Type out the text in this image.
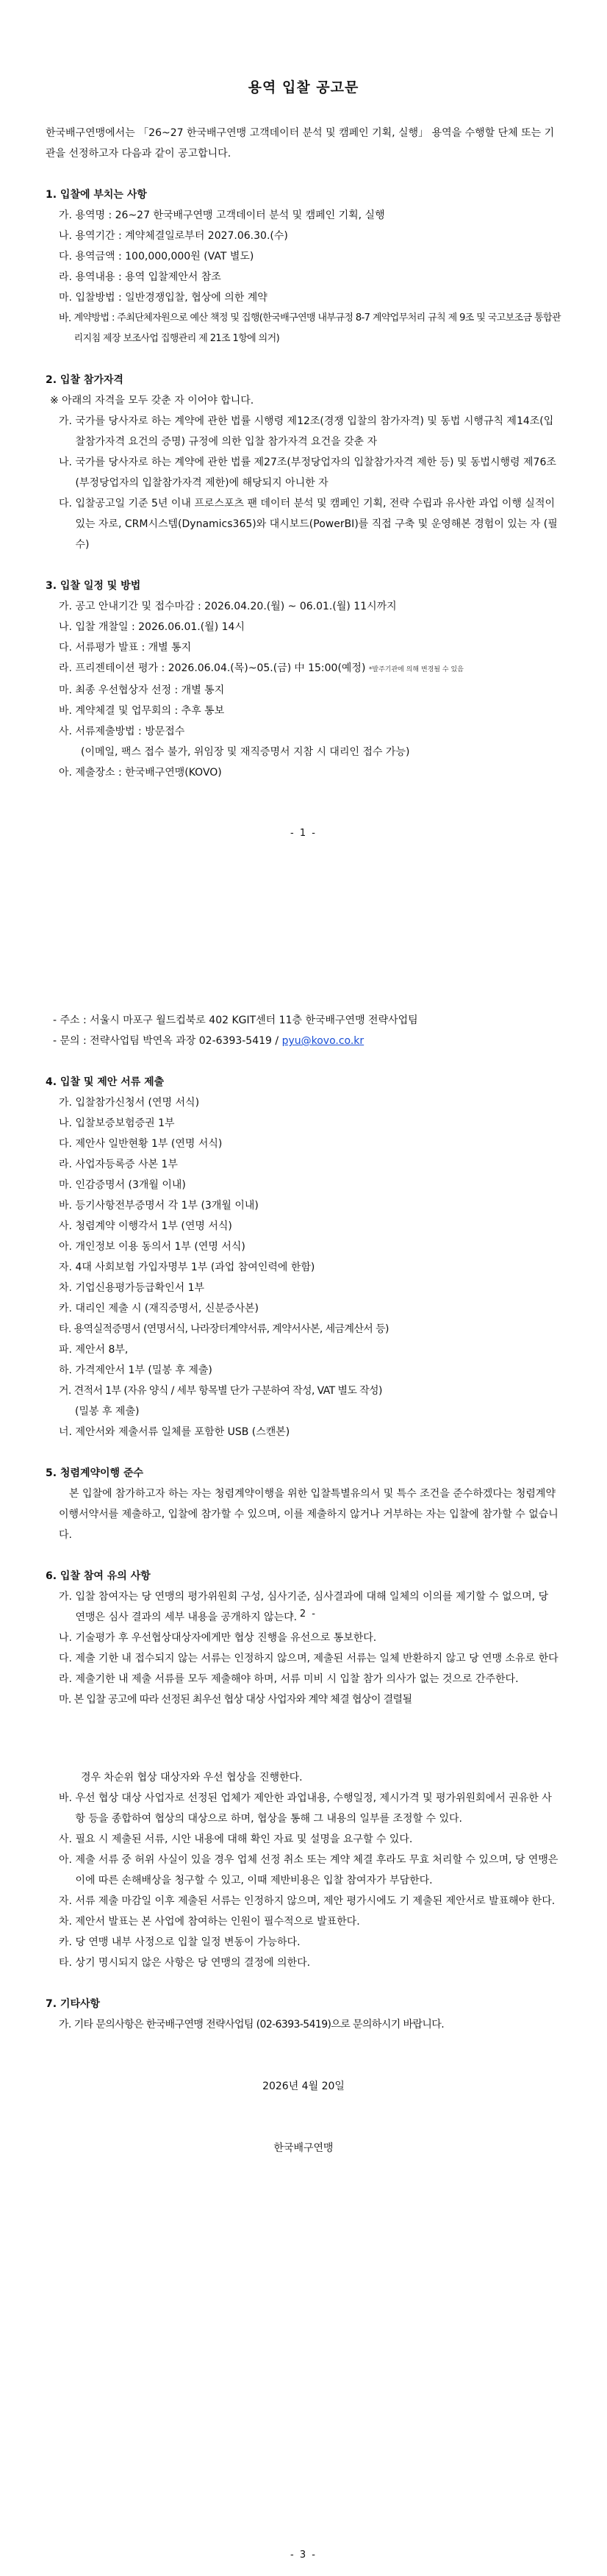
용역 입찰 공고문

한국배구연맹에서는 「26~27 한국배구연맹 고객데이터 분석 및 캠페인 기획, 실행」 용역을 수행할 단체 또는 기관을 선정하고자 다음과 같이 공고합니다.

1. 입찰에 부치는 사항

가. 용역명 : 26~27 한국배구연맹 고객데이터 분석 및 캠페인 기획, 실행
나. 용역기간 : 계약체결일로부터 2027.06.30.(수)
다. 용역금액 : 100,000,000원 (VAT 별도)
라. 용역내용 : 용역 입찰제안서 참조
마. 입찰방법 : 일반경쟁입찰, 협상에 의한 계약
바. 계약방법 : 주최단체자원으로 예산 책정 및 집행(한국배구연맹 내부규정 8-7 계약업무처리 규칙 제 9조 및 국고보조금 통합관리지침 제장 보조사업 집행관리 제 21조 1항에 의거)

2. 입찰 참가자격

※ 아래의 자격을 모두 갖춘 자 이어야 합니다.

가. 국가를 당사자로 하는 계약에 관한 법률 시행령 제12조(경쟁 입찰의 참가자격) 및 동법 시행규칙 제14조(입찰참가자격 요건의 증명) 규정에 의한 입찰 참가자격 요건을 갖춘 자
나. 국가를 당사자로 하는 계약에 관한 법률 제27조(부정당업자의 입찰참가자격 제한 등) 및 동법시행령 제76조(부정당업자의 입찰참가자격 제한)에 해당되지 아니한 자
다. 입찰공고일 기준 5년 이내 프로스포츠 팬 데이터 분석 및 캠페인 기획, 전략 수립과 유사한 과업 이행 실적이 있는 자로, CRM시스템(Dynamics365)와 대시보드(PowerBI)를 직접 구축 및 운영해본 경험이 있는 자 (필수)

3. 입찰 일정 및 방법

가. 공고 안내기간 및 접수마감 : 2026.04.20.(월) ~ 06.01.(월) 11시까지
나. 입찰 개찰일 : 2026.06.01.(월) 14시
다. 서류평가 발표 : 개별 통지
라. 프리젠테이션 평가 : 2026.06.04.(목)~05.(금) 中 15:00(예정) *발주기관에 의해 변경될 수 있음
마. 최종 우선협상자 선정 : 개별 통지
바. 계약체결 및 업무회의 : 추후 통보
사. 서류제출방법 : 방문접수

(이메일, 팩스 접수 불가, 위임장 및 재직증명서 지참 시 대리인 접수 가능)

아. 제출장소 : 한국배구연맹(KOVO)
- 1 -

- 주소 : 서울시 마포구 월드컵북로 402 KGIT센터 11층 한국배구연맹 전략사업팀

- 문의 : 전략사업팀 박연옥 과장 02-6393-5419 / pyu@kovo.co.kr

4. 입찰 및 제안 서류 제출

가. 입찰참가신청서 (연명 서식)
나. 입찰보증보험증권 1부
다. 제안사 일반현황 1부 (연명 서식)
라. 사업자등록증 사본 1부
마. 인감증명서 (3개월 이내)
바. 등기사항전부증명서 각 1부 (3개월 이내)
사. 청렴계약 이행각서 1부 (연명 서식)
아. 개인정보 이용 동의서 1부 (연명 서식)
자. 4대 사회보험 가입자명부 1부 (과업 참여인력에 한함)
차. 기업신용평가등급확인서 1부
카. 대리인 제출 시 (재직증명서, 신분증사본)
타. 용역실적증명서 (연명서식, 나라장터계약서류, 계약서사본, 세금계산서 등)
파. 제안서 8부,
하. 가격제안서 1부 (밀봉 후 제출)
거. 견적서 1부 (자유 양식 / 세부 항목별 단가 구분하여 작성, VAT 별도 작성)

(밀봉 후 제출)

너. 제안서와 제출서류 일체를 포함한 USB (스캔본)

5. 청렴계약이행 준수

본 입찰에 참가하고자 하는 자는 청렴계약이행을 위한 입찰특별유의서 및 특수 조건을 준수하겠다는 청렴계약이행서약서를 제출하고, 입찰에 참가할 수 있으며, 이를 제출하지 않거나 거부하는 자는 입찰에 참가할 수 없습니다.

6. 입찰 참여 유의 사항

가. 입찰 참여자는 당 연맹의 평가위원회 구성, 심사기준, 심사결과에 대해 일체의 이의를 제기할 수 없으며, 당 연맹은 심사 결과의 세부 내용을 공개하지 않는다.
나. 기술평가 후 우선협상대상자에게만 협상 진행을 유선으로 통보한다.
다. 제출 기한 내 접수되지 않는 서류는 인정하지 않으며, 제출된 서류는 일체 반환하지 않고 당 연맹 소유로 한다
라. 제출기한 내 제출 서류를 모두 제출해야 하며, 서류 미비 시 입찰 참가 의사가 없는 것으로 간주한다.
마. 본 입찰 공고에 따라 선정된 최우선 협상 대상 사업자와 계약 체결 협상이 결렬될
- 2 -

경우 차순위 협상 대상자와 우선 협상을 진행한다.

바. 우선 협상 대상 사업자로 선정된 업체가 제안한 과업내용, 수행일정, 제시가격 및 평가위원회에서 권유한 사항 등을 종합하여 협상의 대상으로 하며, 협상을 통해 그 내용의 일부를 조정할 수 있다.
사. 필요 시 제출된 서류, 시안 내용에 대해 확인 자료 및 설명을 요구할 수 있다.
아. 제출 서류 중 허위 사실이 있을 경우 업체 선정 취소 또는 계약 체결 후라도 무효 처리할 수 있으며, 당 연맹은 이에 따른 손해배상을 청구할 수 있고, 이때 제반비용은 입찰 참여자가 부담한다.
자. 서류 제출 마감일 이후 제출된 서류는 인정하지 않으며, 제안 평가시에도 기 제출된 제안서로 발표해야 한다.
차. 제안서 발표는 본 사업에 참여하는 인원이 필수적으로 발표한다.
카. 당 연맹 내부 사정으로 입찰 일정 변동이 가능하다.
타. 상기 명시되지 않은 사항은 당 연맹의 결정에 의한다.

7. 기타사항

가. 기타 문의사항은 한국배구연맹 전략사업팀 (02-6393-5419)으로 문의하시기 바랍니다.

2026년 4월 20일

한국배구연맹

- 3 -
